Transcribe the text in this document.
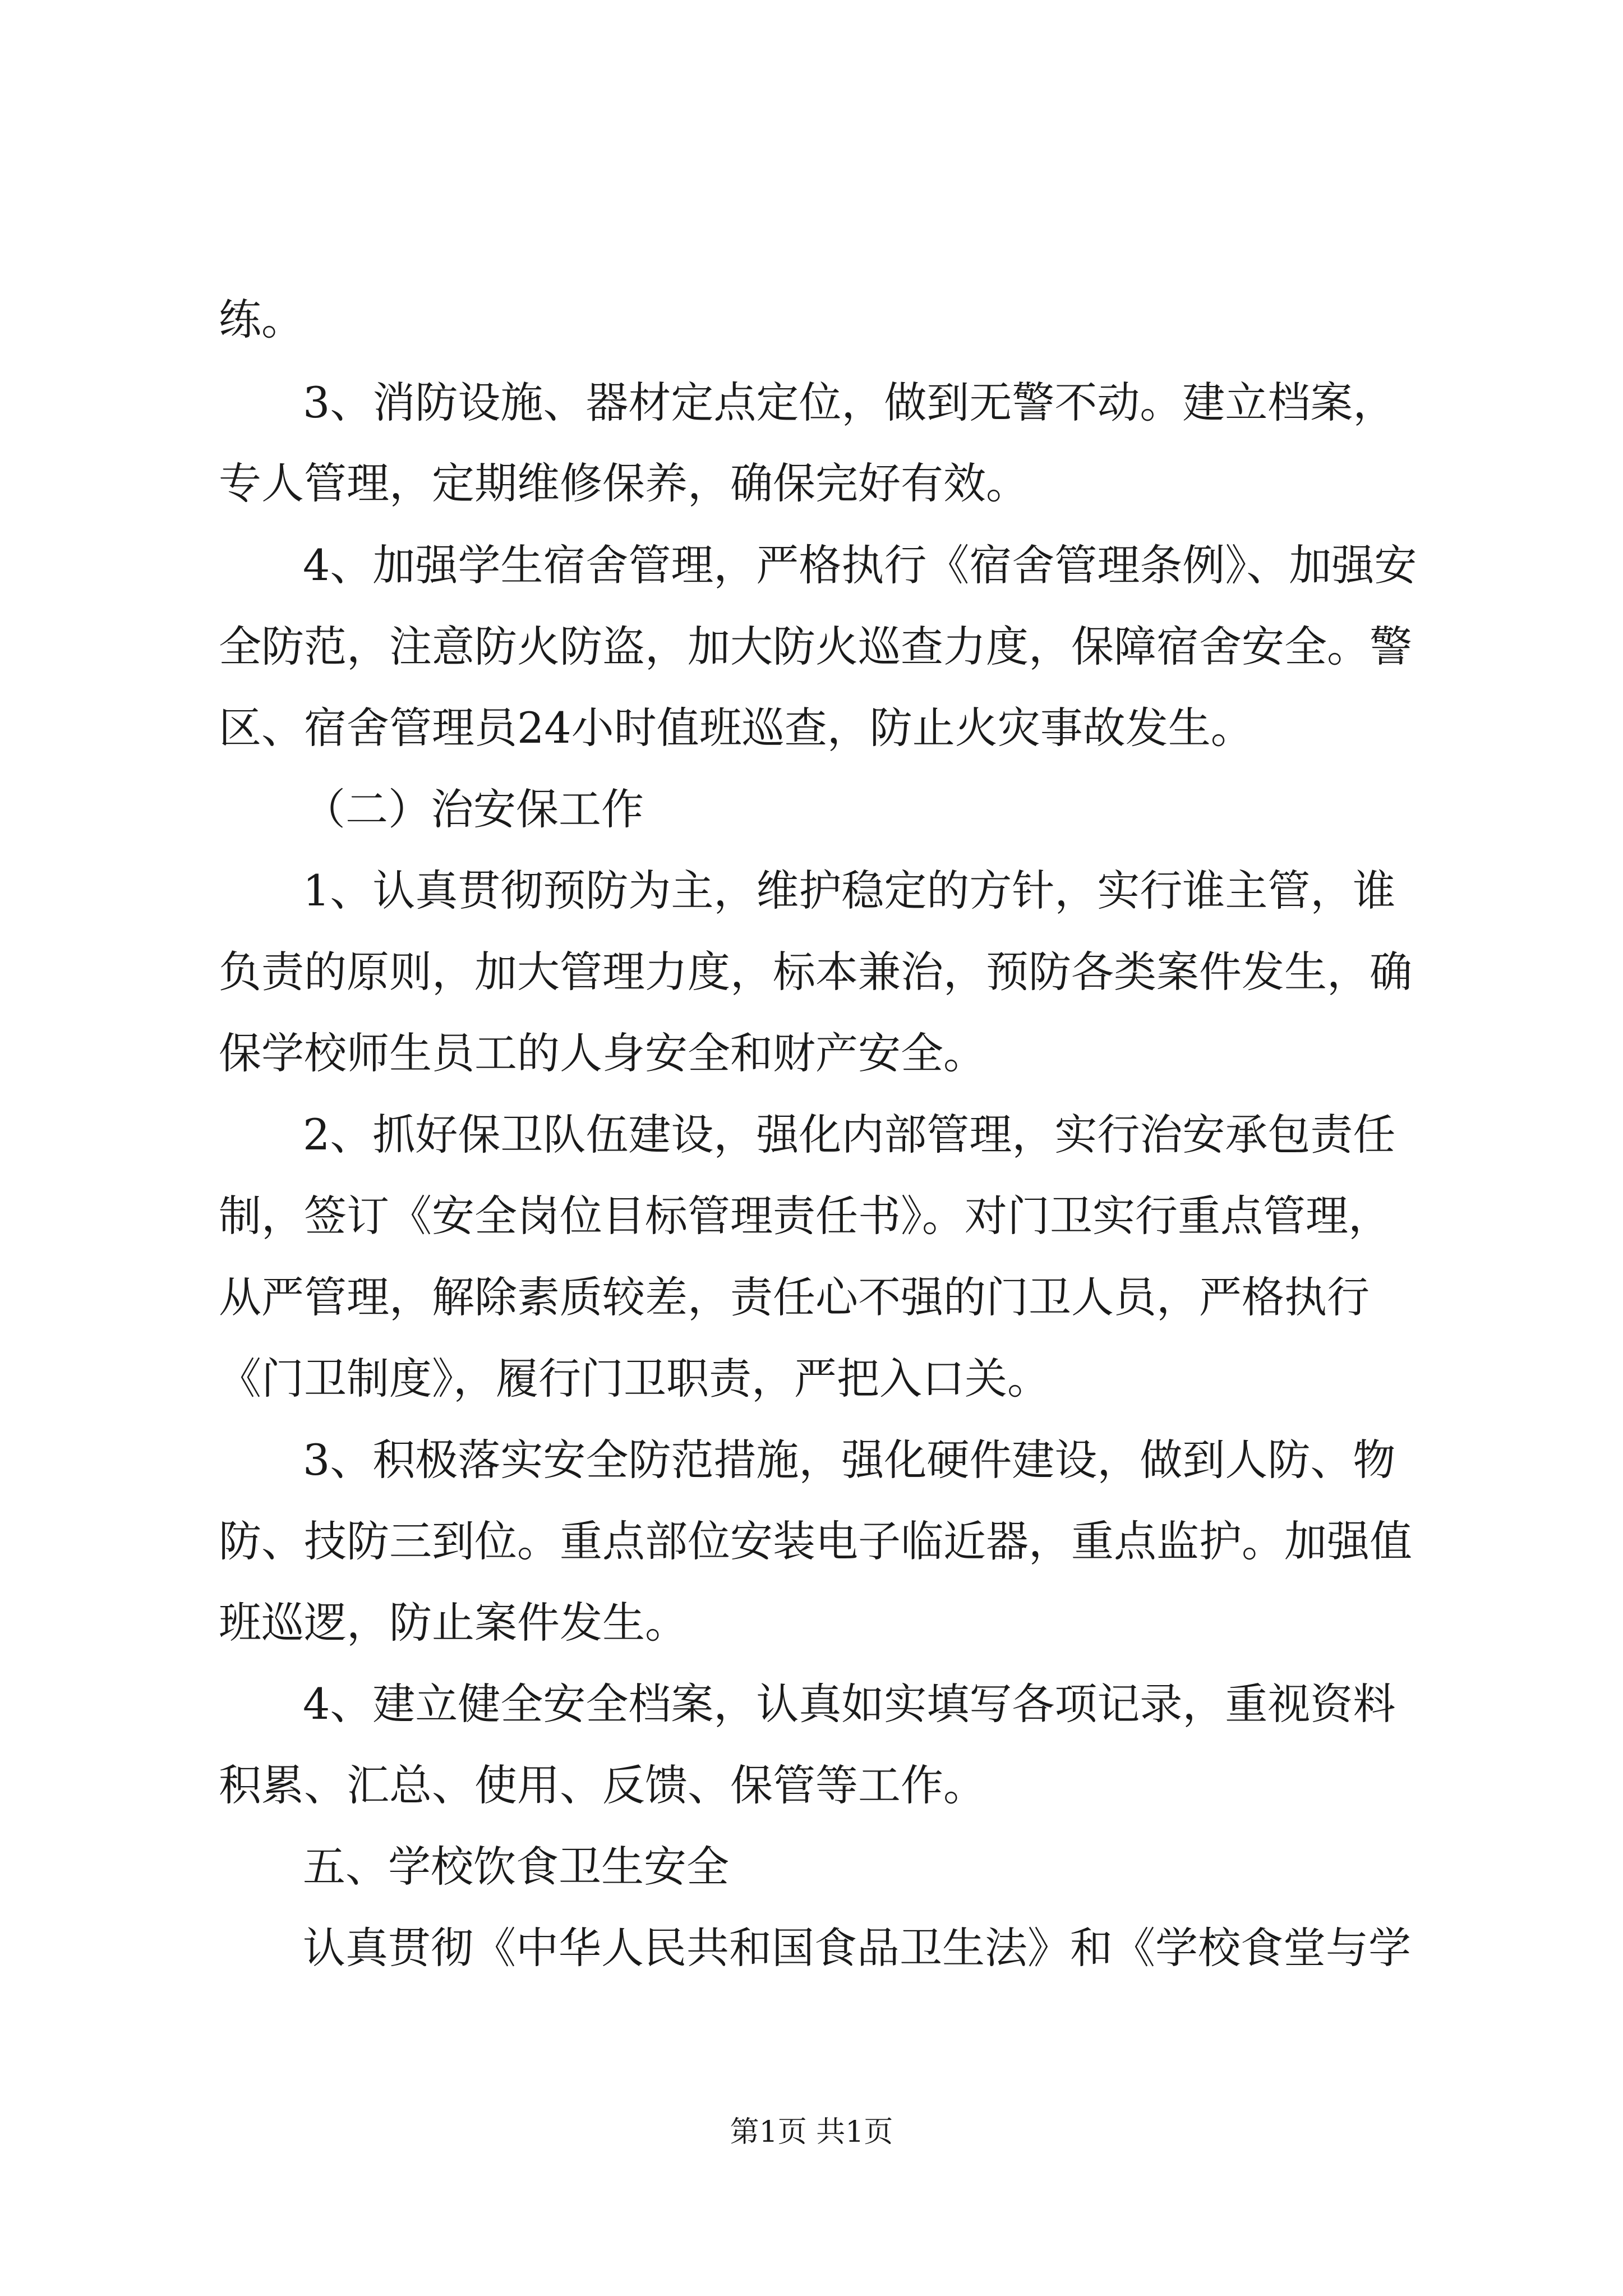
练。
3、消防设施、器材定点定位，做到无警不动。建立档案，
专人管理，定期维修保养，确保完好有效。
4、加强学生宿舍管理，严格执行《宿舍管理条例》、加强安
全防范，注意防火防盗，加大防火巡查力度，保障宿舍安全。警
区、宿舍管理员24小时值班巡查，防止火灾事故发生。
（二）治安保工作
1、认真贯彻预防为主，维护稳定的方针，实行谁主管，谁
负责的原则，加大管理力度，标本兼治，预防各类案件发生，确
保学校师生员工的人身安全和财产安全。
2、抓好保卫队伍建设，强化内部管理，实行治安承包责任
制，签订《安全岗位目标管理责任书》。对门卫实行重点管理，
从严管理，解除素质较差，责任心不强的门卫人员，严格执行
《门卫制度》，履行门卫职责，严把入口关。
3、积极落实安全防范措施，强化硬件建设，做到人防、物
防、技防三到位。重点部位安装电子临近器，重点监护。加强值
班巡逻，防止案件发生。
4、建立健全安全档案，认真如实填写各项记录，重视资料
积累、汇总、使用、反馈、保管等工作。
五、学校饮食卫生安全
认真贯彻《中华人民共和国食品卫生法》和《学校食堂与学
第1页 共1页
